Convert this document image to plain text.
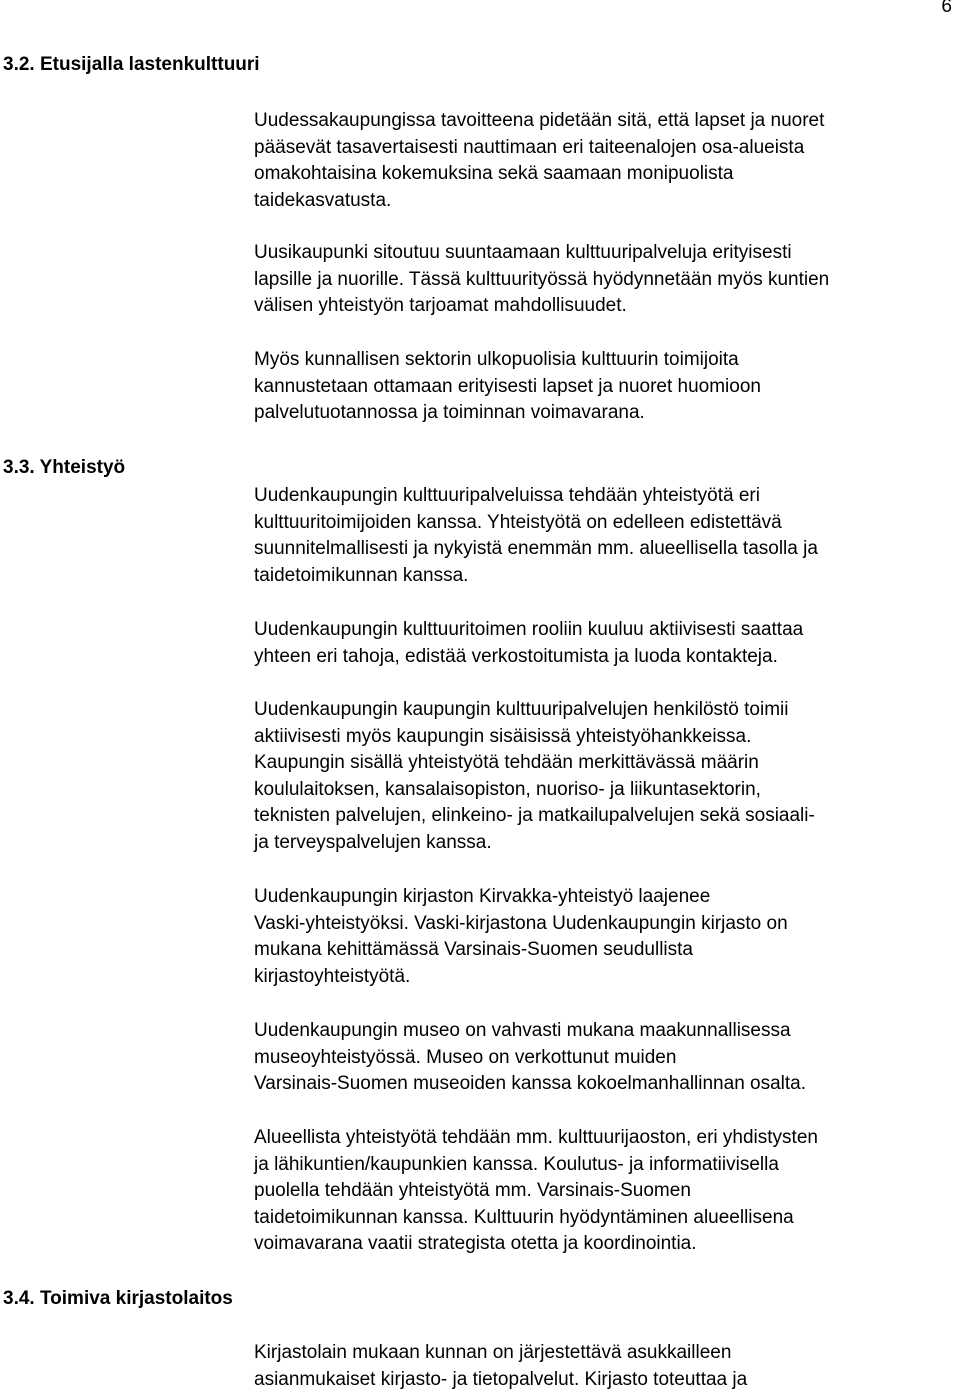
6
3.2. Etusijalla lastenkulttuuri

Uudessakaupungissa tavoitteena pidetään sitä, että lapset ja nuoret
pääsevät tasavertaisesti nauttimaan eri taiteenalojen osa-alueista
omakohtaisina kokemuksina sekä saamaan monipuolista
taidekasvatusta.

Uusikaupunki sitoutuu suuntaamaan kulttuuripalveluja erityisesti
lapsille ja nuorille. Tässä kulttuurityössä hyödynnetään myös kuntien
välisen yhteistyön tarjoamat mahdollisuudet.

Myös kunnallisen sektorin ulkopuolisia kulttuurin toimijoita
kannustetaan ottamaan erityisesti lapset ja nuoret huomioon
palvelutuotannossa ja toiminnan voimavarana.

3.3. Yhteistyö

Uudenkaupungin kulttuuripalveluissa tehdään yhteistyötä eri
kulttuuritoimijoiden kanssa. Yhteistyötä on edelleen edistettävä
suunnitelmallisesti ja nykyistä enemmän mm. alueellisella tasolla ja
taidetoimikunnan kanssa.

Uudenkaupungin kulttuuritoimen rooliin kuuluu aktiivisesti saattaa
yhteen eri tahoja, edistää verkostoitumista ja luoda kontakteja.

Uudenkaupungin kaupungin kulttuuripalvelujen henkilöstö toimii
aktiivisesti myös kaupungin sisäisissä yhteistyöhankkeissa.
Kaupungin sisällä yhteistyötä tehdään merkittävässä määrin
koululaitoksen, kansalaisopiston, nuoriso- ja liikuntasektorin,
teknisten palvelujen, elinkeino- ja matkailupalvelujen sekä sosiaali-
ja terveyspalvelujen kanssa.

Uudenkaupungin kirjaston Kirvakka-yhteistyö laajenee
Vaski-yhteistyöksi. Vaski-kirjastona Uudenkaupungin kirjasto on
mukana kehittämässä Varsinais-Suomen seudullista
kirjastoyhteistyötä.

Uudenkaupungin museo on vahvasti mukana maakunnallisessa
museoyhteistyössä. Museo on verkottunut muiden
Varsinais-Suomen museoiden kanssa kokoelmanhallinnan osalta.

Alueellista yhteistyötä tehdään mm. kulttuurijaoston, eri yhdistysten
ja lähikuntien/kaupunkien kanssa. Koulutus- ja informatiivisella
puolella tehdään yhteistyötä mm. Varsinais-Suomen
taidetoimikunnan kanssa. Kulttuurin hyödyntäminen alueellisena
voimavarana vaatii strategista otetta ja koordinointia.

3.4. Toimiva kirjastolaitos

Kirjastolain mukaan kunnan on järjestettävä asukkailleen
asianmukaiset kirjasto- ja tietopalvelut. Kirjasto toteuttaa ja
